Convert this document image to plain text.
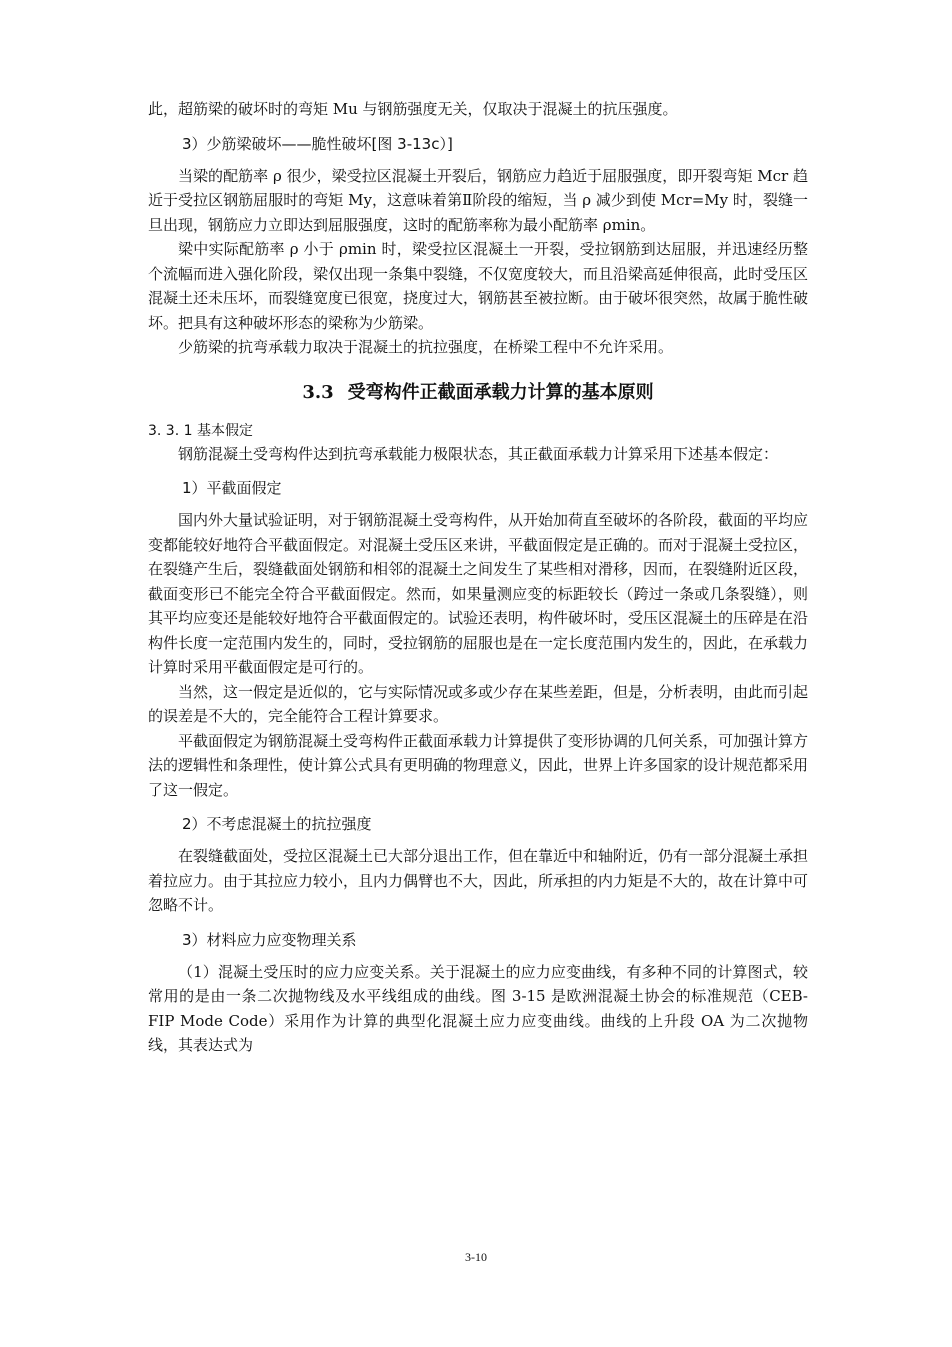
此，超筋梁的破坏时的弯矩 Mu 与钢筋强度无关，仅取决于混凝土的抗压强度。

3）少筋梁破坏——脆性破坏[图 3-13c）]

当梁的配筋率 ρ 很少，梁受拉区混凝土开裂后，钢筋应力趋近于屈服强度，即开裂弯矩 Mcr 趋近于受拉区钢筋屈服时的弯矩 My，这意味着第Ⅱ阶段的缩短，当 ρ 减少到使 Mcr=My 时，裂缝一旦出现，钢筋应力立即达到屈服强度，这时的配筋率称为最小配筋率 ρmin。

梁中实际配筋率 ρ 小于 ρmin 时，梁受拉区混凝土一开裂，受拉钢筋到达屈服，并迅速经历整个流幅而进入强化阶段，梁仅出现一条集中裂缝，不仅宽度较大，而且沿梁高延伸很高，此时受压区混凝土还未压坏，而裂缝宽度已很宽，挠度过大，钢筋甚至被拉断。由于破坏很突然，故属于脆性破坏。把具有这种破坏形态的梁称为少筋梁。

少筋梁的抗弯承载力取决于混凝土的抗拉强度，在桥梁工程中不允许采用。

3.3 受弯构件正截面承载力计算的基本原则
3. 3. 1 基本假定

钢筋混凝土受弯构件达到抗弯承载能力极限状态，其正截面承载力计算采用下述基本假定：

1）平截面假定

国内外大量试验证明，对于钢筋混凝土受弯构件，从开始加荷直至破坏的各阶段，截面的平均应变都能较好地符合平截面假定。对混凝土受压区来讲，平截面假定是正确的。而对于混凝土受拉区，在裂缝产生后，裂缝截面处钢筋和相邻的混凝土之间发生了某些相对滑移，因而，在裂缝附近区段，截面变形已不能完全符合平截面假定。然而，如果量测应变的标距较长（跨过一条或几条裂缝），则其平均应变还是能较好地符合平截面假定的。试验还表明，构件破坏时，受压区混凝土的压碎是在沿构件长度一定范围内发生的，同时，受拉钢筋的屈服也是在一定长度范围内发生的，因此，在承载力计算时采用平截面假定是可行的。

当然，这一假定是近似的，它与实际情况或多或少存在某些差距，但是，分析表明，由此而引起的误差是不大的，完全能符合工程计算要求。

平截面假定为钢筋混凝土受弯构件正截面承载力计算提供了变形协调的几何关系，可加强计算方法的逻辑性和条理性，使计算公式具有更明确的物理意义，因此，世界上许多国家的设计规范都采用了这一假定。

2）不考虑混凝土的抗拉强度

在裂缝截面处，受拉区混凝土已大部分退出工作，但在靠近中和轴附近，仍有一部分混凝土承担着拉应力。由于其拉应力较小，且内力偶臂也不大，因此，所承担的内力矩是不大的，故在计算中可忽略不计。

3）材料应力应变物理关系

（1）混凝土受压时的应力应变关系。关于混凝土的应力应变曲线，有多种不同的计算图式，较常用的是由一条二次抛物线及水平线组成的曲线。图 3-15 是欧洲混凝土协会的标准规范（CEB-FIP Mode Code）采用作为计算的典型化混凝土应力应变曲线。曲线的上升段 OA 为二次抛物线，其表达式为

3-10
